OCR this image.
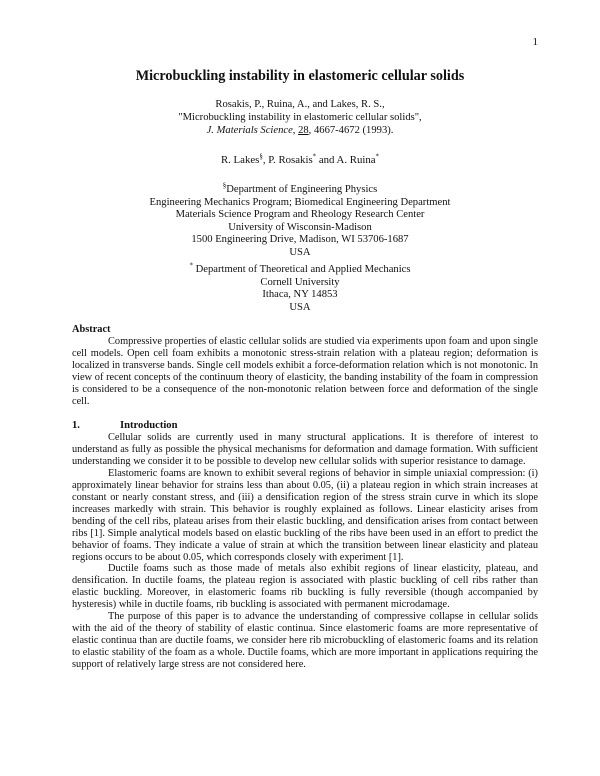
1
Microbuckling instability in elastomeric cellular solids
Rosakis, P., Ruina, A., and Lakes, R. S.,
"Microbuckling instability in elastomeric cellular solids",
J. Materials Science, 28, 4667-4672 (1993).
R. Lakes§, P. Rosakis* and A. Ruina*
§Department of Engineering Physics
Engineering Mechanics Program; Biomedical Engineering Department
Materials Science Program and Rheology Research Center
University of Wisconsin-Madison
1500 Engineering Drive, Madison, WI 53706-1687
USA
* Department of Theoretical and Applied Mechanics
Cornell University
Ithaca, NY 14853
USA
Abstract

Compressive properties of elastic cellular solids are studied via experiments upon foam and upon single cell models. Open cell foam exhibits a monotonic stress-strain relation with a plateau region; deformation is localized in transverse bands. Single cell models exhibit a force-deformation relation which is not monotonic. In view of recent concepts of the continuum theory of elasticity, the banding instability of the foam in compression is considered to be a consequence of the non-monotonic relation between force and deformation of the single cell.

1.	Introduction

Cellular solids are currently used in many structural applications. It is therefore of interest to understand as fully as possible the physical mechanisms for deformation and damage formation. With sufficient understanding we consider it to be possible to develop new cellular solids with superior resistance to damage.

Elastomeric foams are known to exhibit several regions of behavior in simple uniaxial compression: (i) approximately linear behavior for strains less than about 0.05, (ii) a plateau region in which strain increases at constant or nearly constant stress, and (iii) a densification region of the stress strain curve in which its slope increases markedly with strain. This behavior is roughly explained as follows. Linear elasticity arises from bending of the cell ribs, plateau arises from their elastic buckling, and densification arises from contact between ribs [1]. Simple analytical models based on elastic buckling of the ribs have been used in an effort to predict the behavior of foams. They indicate a value of strain at which the transition between linear elasticity and plateau regions occurs to be about 0.05, which corresponds closely with experiment [1].

Ductile foams such as those made of metals also exhibit regions of linear elasticity, plateau, and densification. In ductile foams, the plateau region is associated with plastic buckling of cell ribs rather than elastic buckling. Moreover, in elastomeric foams rib buckling is fully reversible (though accompanied by hysteresis) while in ductile foams, rib buckling is associated with permanent microdamage.

The purpose of this paper is to advance the understanding of compressive collapse in cellular solids with the aid of the theory of stability of elastic continua. Since elastomeric foams are more representative of elastic continua than are ductile foams, we consider here rib microbuckling of elastomeric foams and its relation to elastic stability of the foam as a whole. Ductile foams, which are more important in applications requiring the support of relatively large stress are not considered here.
